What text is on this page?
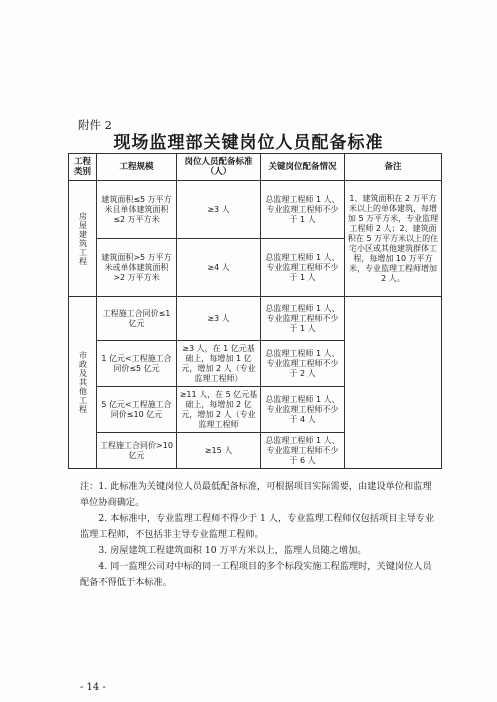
附件 2
现场监理部关键岗位人员配备标准
工程类别	工程规模	岗位人员配备标准（人）	关键岗位配备情况	备注
房屋建筑工程	建筑面积≤5 万平方米且单体建筑面积≤2 万平方米	≥3 人	总监理工程师 1 人、专业监理工程师不少于 1 人	1、建筑面积在 2 万平方米以上的单体建筑，每增加 5 万平方米，专业监理工程师 2 人；2、建筑面积在 5 万平方米以上的住宅小区或其他建筑群体工程，每增加 10 万平方米，专业监理工程师增加 2 人。
	建筑面积>5 万平方米或单体建筑面积>2 万平方米	≥4 人	总监理工程师 1 人、专业监理工程师不少于 1 人	
市政及其他工程	工程施工合同价≤1 亿元	≥3 人	总监理工程师 1 人、专业监理工程师不少于 1 人	
	1 亿元<工程施工合同价≤5 亿元	≥3 人，在 1 亿元基础上，每增加 1 亿元，增加 2 人（专业监理工程师）	总监理工程师 1 人、专业监理工程师不少于 2 人	
	5 亿元<工程施工合同价≤10 亿元	≥11 人，在 5 亿元基础上，每增加 2 亿元，增加 2 人（专业监理工程师	总监理工程师 1 人、专业监理工程师不少于 4 人	
	工程施工合同价>10 亿元	≥15 人	总监理工程师 1 人、专业监理工程师不少于 6 人	

注：1. 此标准为关键岗位人员最低配备标准，可根据项目实际需要，由建设单位和监理单位协商确定。

2. 本标准中，专业监理工程师不得少于 1 人，专业监理工程师仅包括项目主导专业监理工程师，不包括非主导专业监理工程师。

3. 房屋建筑工程建筑面积 10 万平方米以上，监理人员随之增加。

4. 同一监理公司对中标的同一工程项目的多个标段实施工程监理时，关键岗位人员配备不得低于本标准。

- 14 -
